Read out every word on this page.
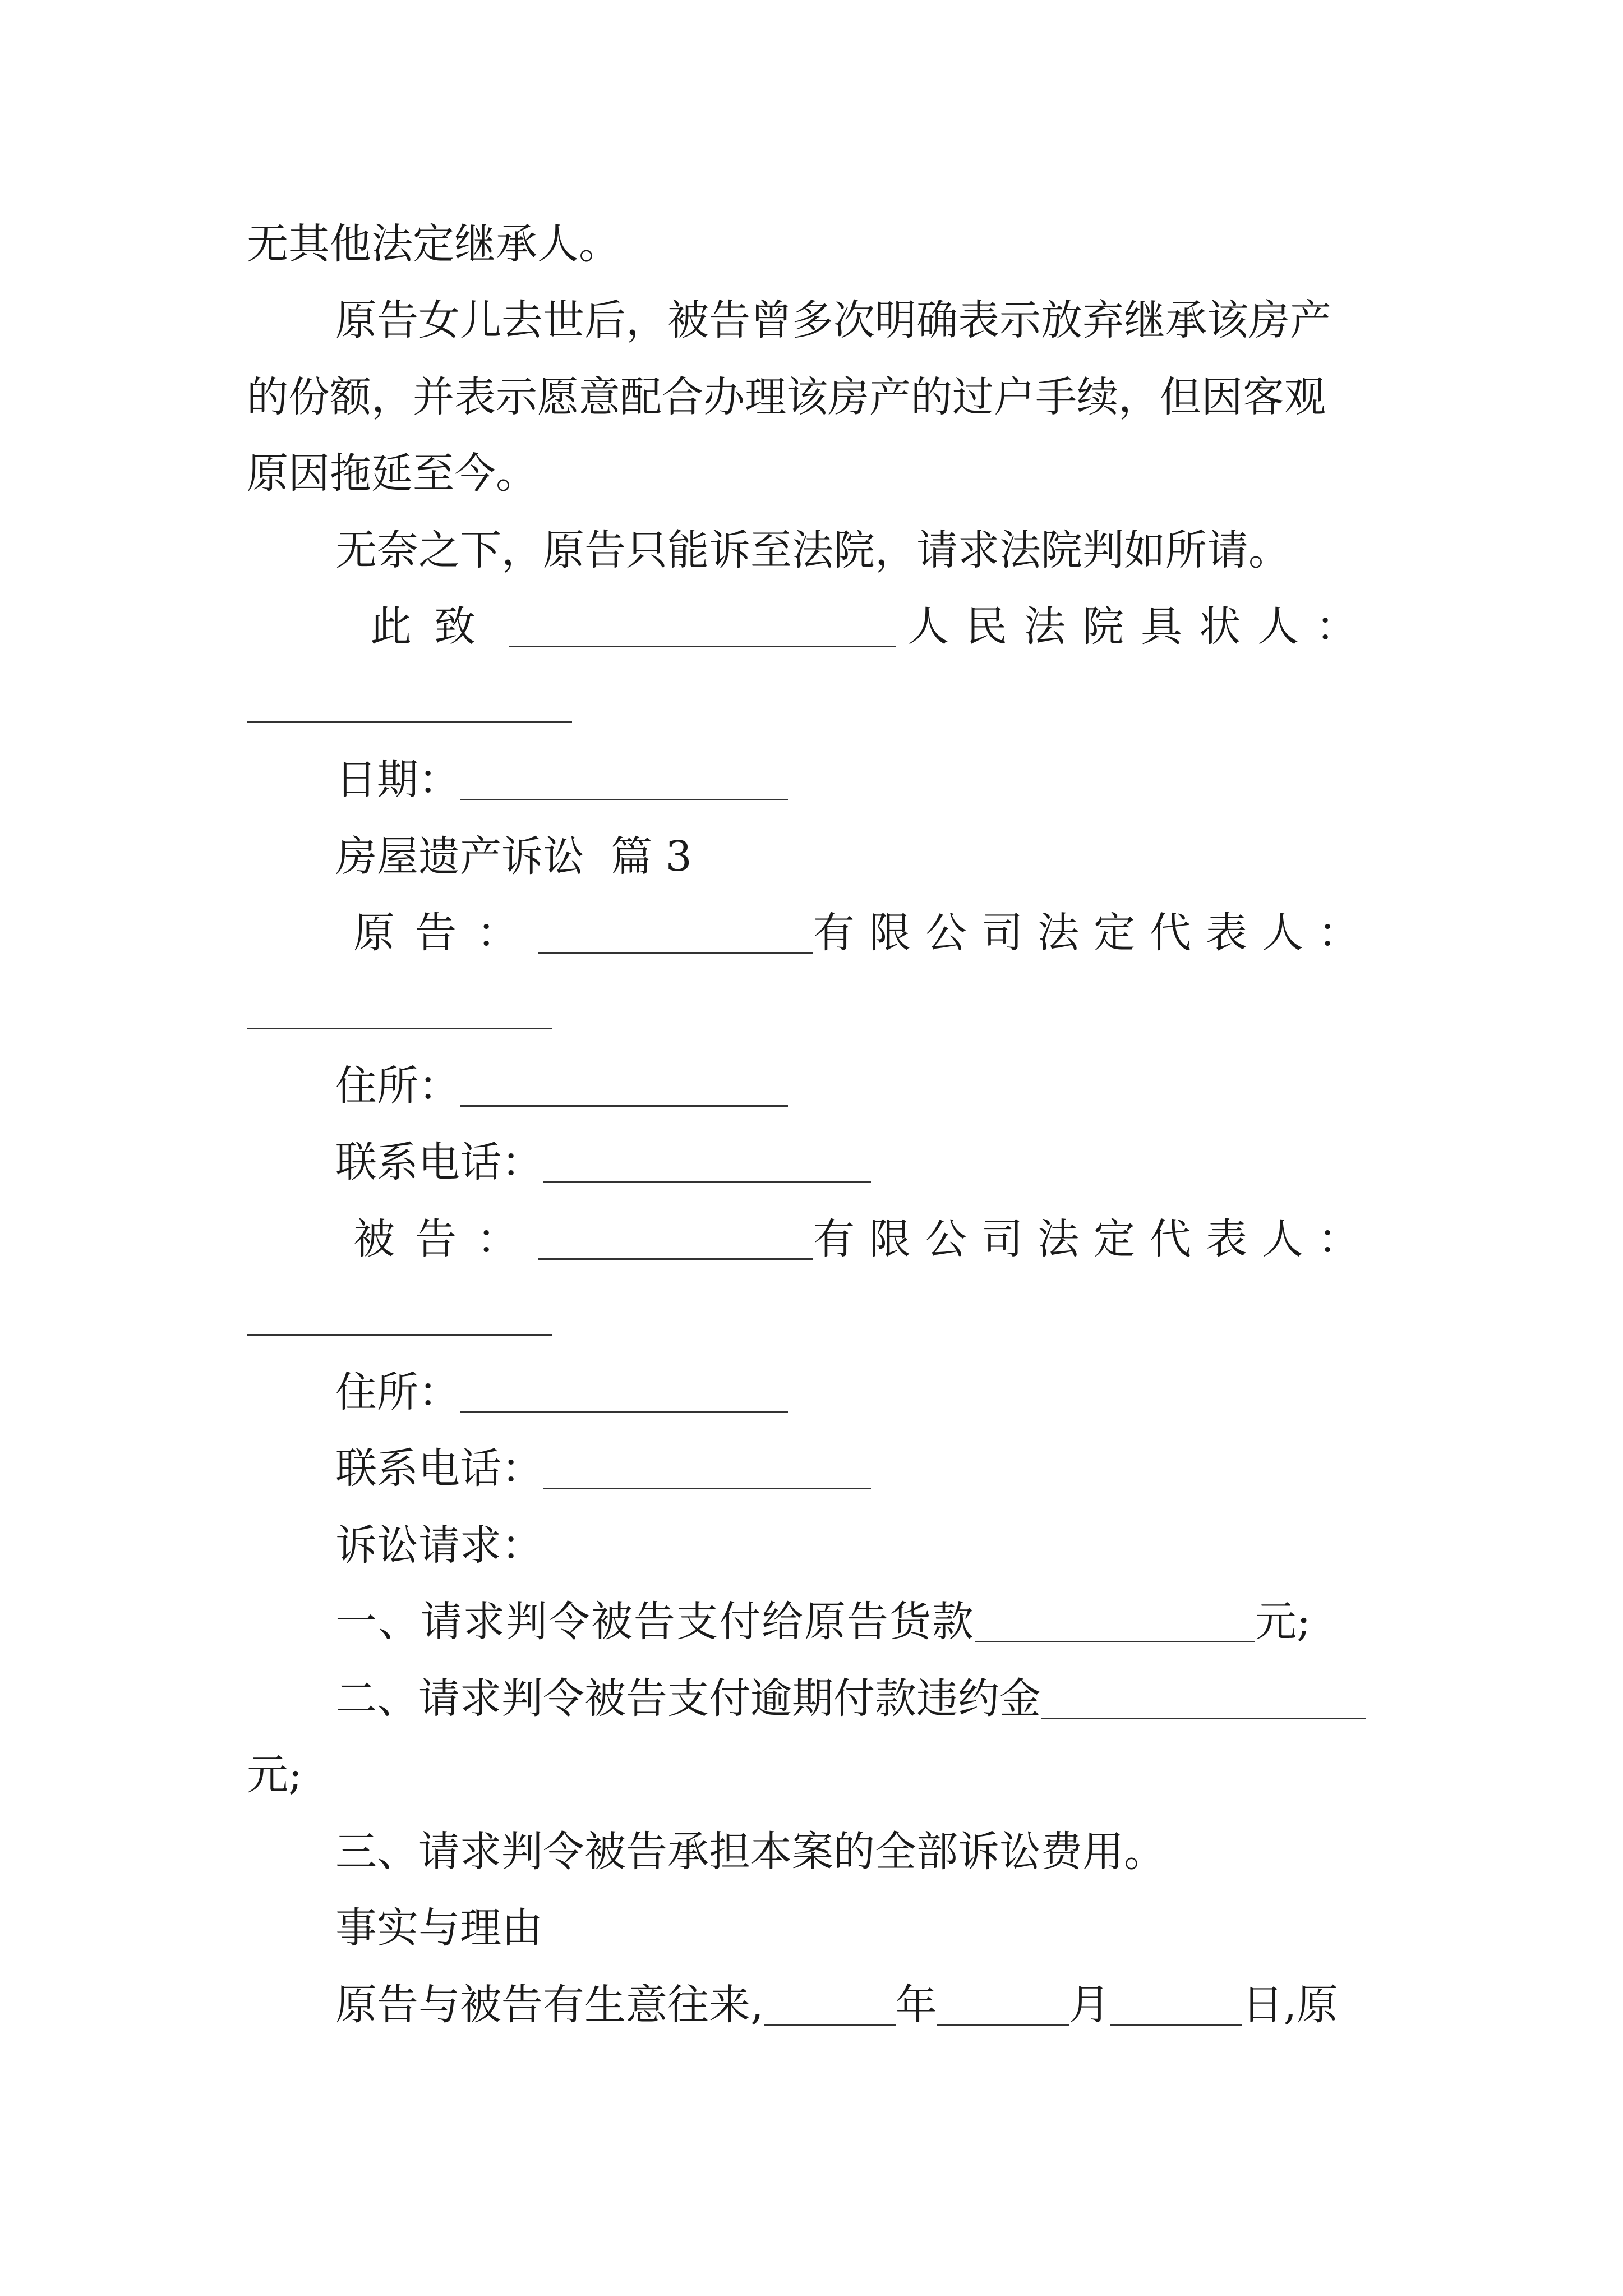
无其他法定继承人。
原告女儿去世后，被告曾多次明确表示放弃继承该房产
的份额，并表示愿意配合办理该房产的过户手续，但因客观
原因拖延至今。
无奈之下，原告只能诉至法院，请求法院判如所请。
此致	人民法院具状人：
日期：
房屋遗产诉讼  篇 3
原告：	有限公司法定代表人：
住所：
联系电话：
被告：	有限公司法定代表人：
住所：
联系电话：
诉讼请求：
一、请求判令被告支付给原告货款	元;
二、请求判令被告支付逾期付款违约金
元;
三、请求判令被告承担本案的全部诉讼费用。
事实与理由
原告与被告有生意往来,	年	月	日,原
